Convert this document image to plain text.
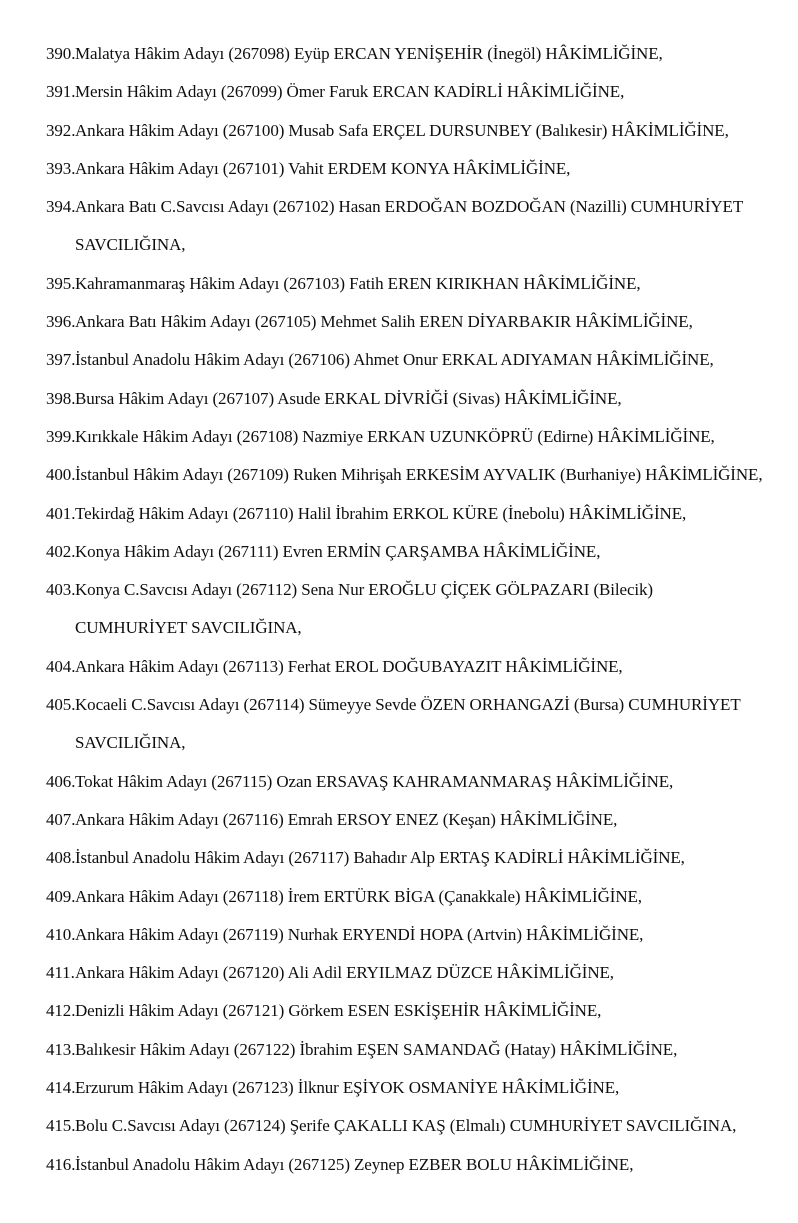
390. Malatya Hâkim Adayı (267098) Eyüp ERCAN YENİŞEHİR (İnegöl) HÂKİMLİĞİNE,
391. Mersin Hâkim Adayı (267099) Ömer Faruk ERCAN KADİRLİ HÂKİMLİĞİNE,
392. Ankara Hâkim Adayı (267100) Musab Safa ERÇEL DURSUNBEY (Balıkesir) HÂKİMLİĞİNE,
393. Ankara Hâkim Adayı (267101) Vahit ERDEM KONYA HÂKİMLİĞİNE,
394. Ankara Batı C.Savcısı Adayı (267102) Hasan ERDOĞAN BOZDOĞAN (Nazilli) CUMHURİYET
SAVCILIĞINA,
395. Kahramanmaraş Hâkim Adayı (267103) Fatih EREN KIRIKHAN HÂKİMLİĞİNE,
396. Ankara Batı Hâkim Adayı (267105) Mehmet Salih EREN DİYARBAKIR HÂKİMLİĞİNE,
397. İstanbul Anadolu Hâkim Adayı (267106) Ahmet Onur ERKAL ADIYAMAN HÂKİMLİĞİNE,
398. Bursa Hâkim Adayı (267107) Asude ERKAL DİVRİĞİ (Sivas) HÂKİMLİĞİNE,
399. Kırıkkale Hâkim Adayı (267108) Nazmiye ERKAN UZUNKÖPRÜ (Edirne) HÂKİMLİĞİNE,
400. İstanbul Hâkim Adayı (267109) Ruken Mihrişah ERKESİM AYVALIK (Burhaniye) HÂKİMLİĞİNE,
401. Tekirdağ Hâkim Adayı (267110) Halil İbrahim ERKOL KÜRE (İnebolu) HÂKİMLİĞİNE,
402. Konya Hâkim Adayı (267111) Evren ERMİN ÇARŞAMBA HÂKİMLİĞİNE,
403. Konya C.Savcısı Adayı (267112) Sena Nur EROĞLU ÇİÇEK GÖLPAZARI (Bilecik)
CUMHURİYET SAVCILIĞINA,
404. Ankara Hâkim Adayı (267113) Ferhat EROL DOĞUBAYAZIT HÂKİMLİĞİNE,
405. Kocaeli C.Savcısı Adayı (267114) Sümeyye Sevde ÖZEN ORHANGAZİ (Bursa) CUMHURİYET
SAVCILIĞINA,
406. Tokat Hâkim Adayı (267115) Ozan ERSAVAŞ KAHRAMANMARAŞ HÂKİMLİĞİNE,
407. Ankara Hâkim Adayı (267116) Emrah ERSOY ENEZ (Keşan) HÂKİMLİĞİNE,
408. İstanbul Anadolu Hâkim Adayı (267117) Bahadır Alp ERTAŞ KADİRLİ HÂKİMLİĞİNE,
409. Ankara Hâkim Adayı (267118) İrem ERTÜRK BİGA (Çanakkale) HÂKİMLİĞİNE,
410. Ankara Hâkim Adayı (267119) Nurhak ERYENDİ HOPA (Artvin) HÂKİMLİĞİNE,
411. Ankara Hâkim Adayı (267120) Ali Adil ERYILMAZ DÜZCE HÂKİMLİĞİNE,
412. Denizli Hâkim Adayı (267121) Görkem ESEN ESKİŞEHİR HÂKİMLİĞİNE,
413. Balıkesir Hâkim Adayı (267122) İbrahim EŞEN SAMANDAĞ (Hatay) HÂKİMLİĞİNE,
414. Erzurum Hâkim Adayı (267123) İlknur EŞİYOK OSMANİYE HÂKİMLİĞİNE,
415. Bolu C.Savcısı Adayı (267124) Şerife ÇAKALLI KAŞ (Elmalı) CUMHURİYET SAVCILIĞINA,
416. İstanbul Anadolu Hâkim Adayı (267125) Zeynep EZBER BOLU HÂKİMLİĞİNE,
